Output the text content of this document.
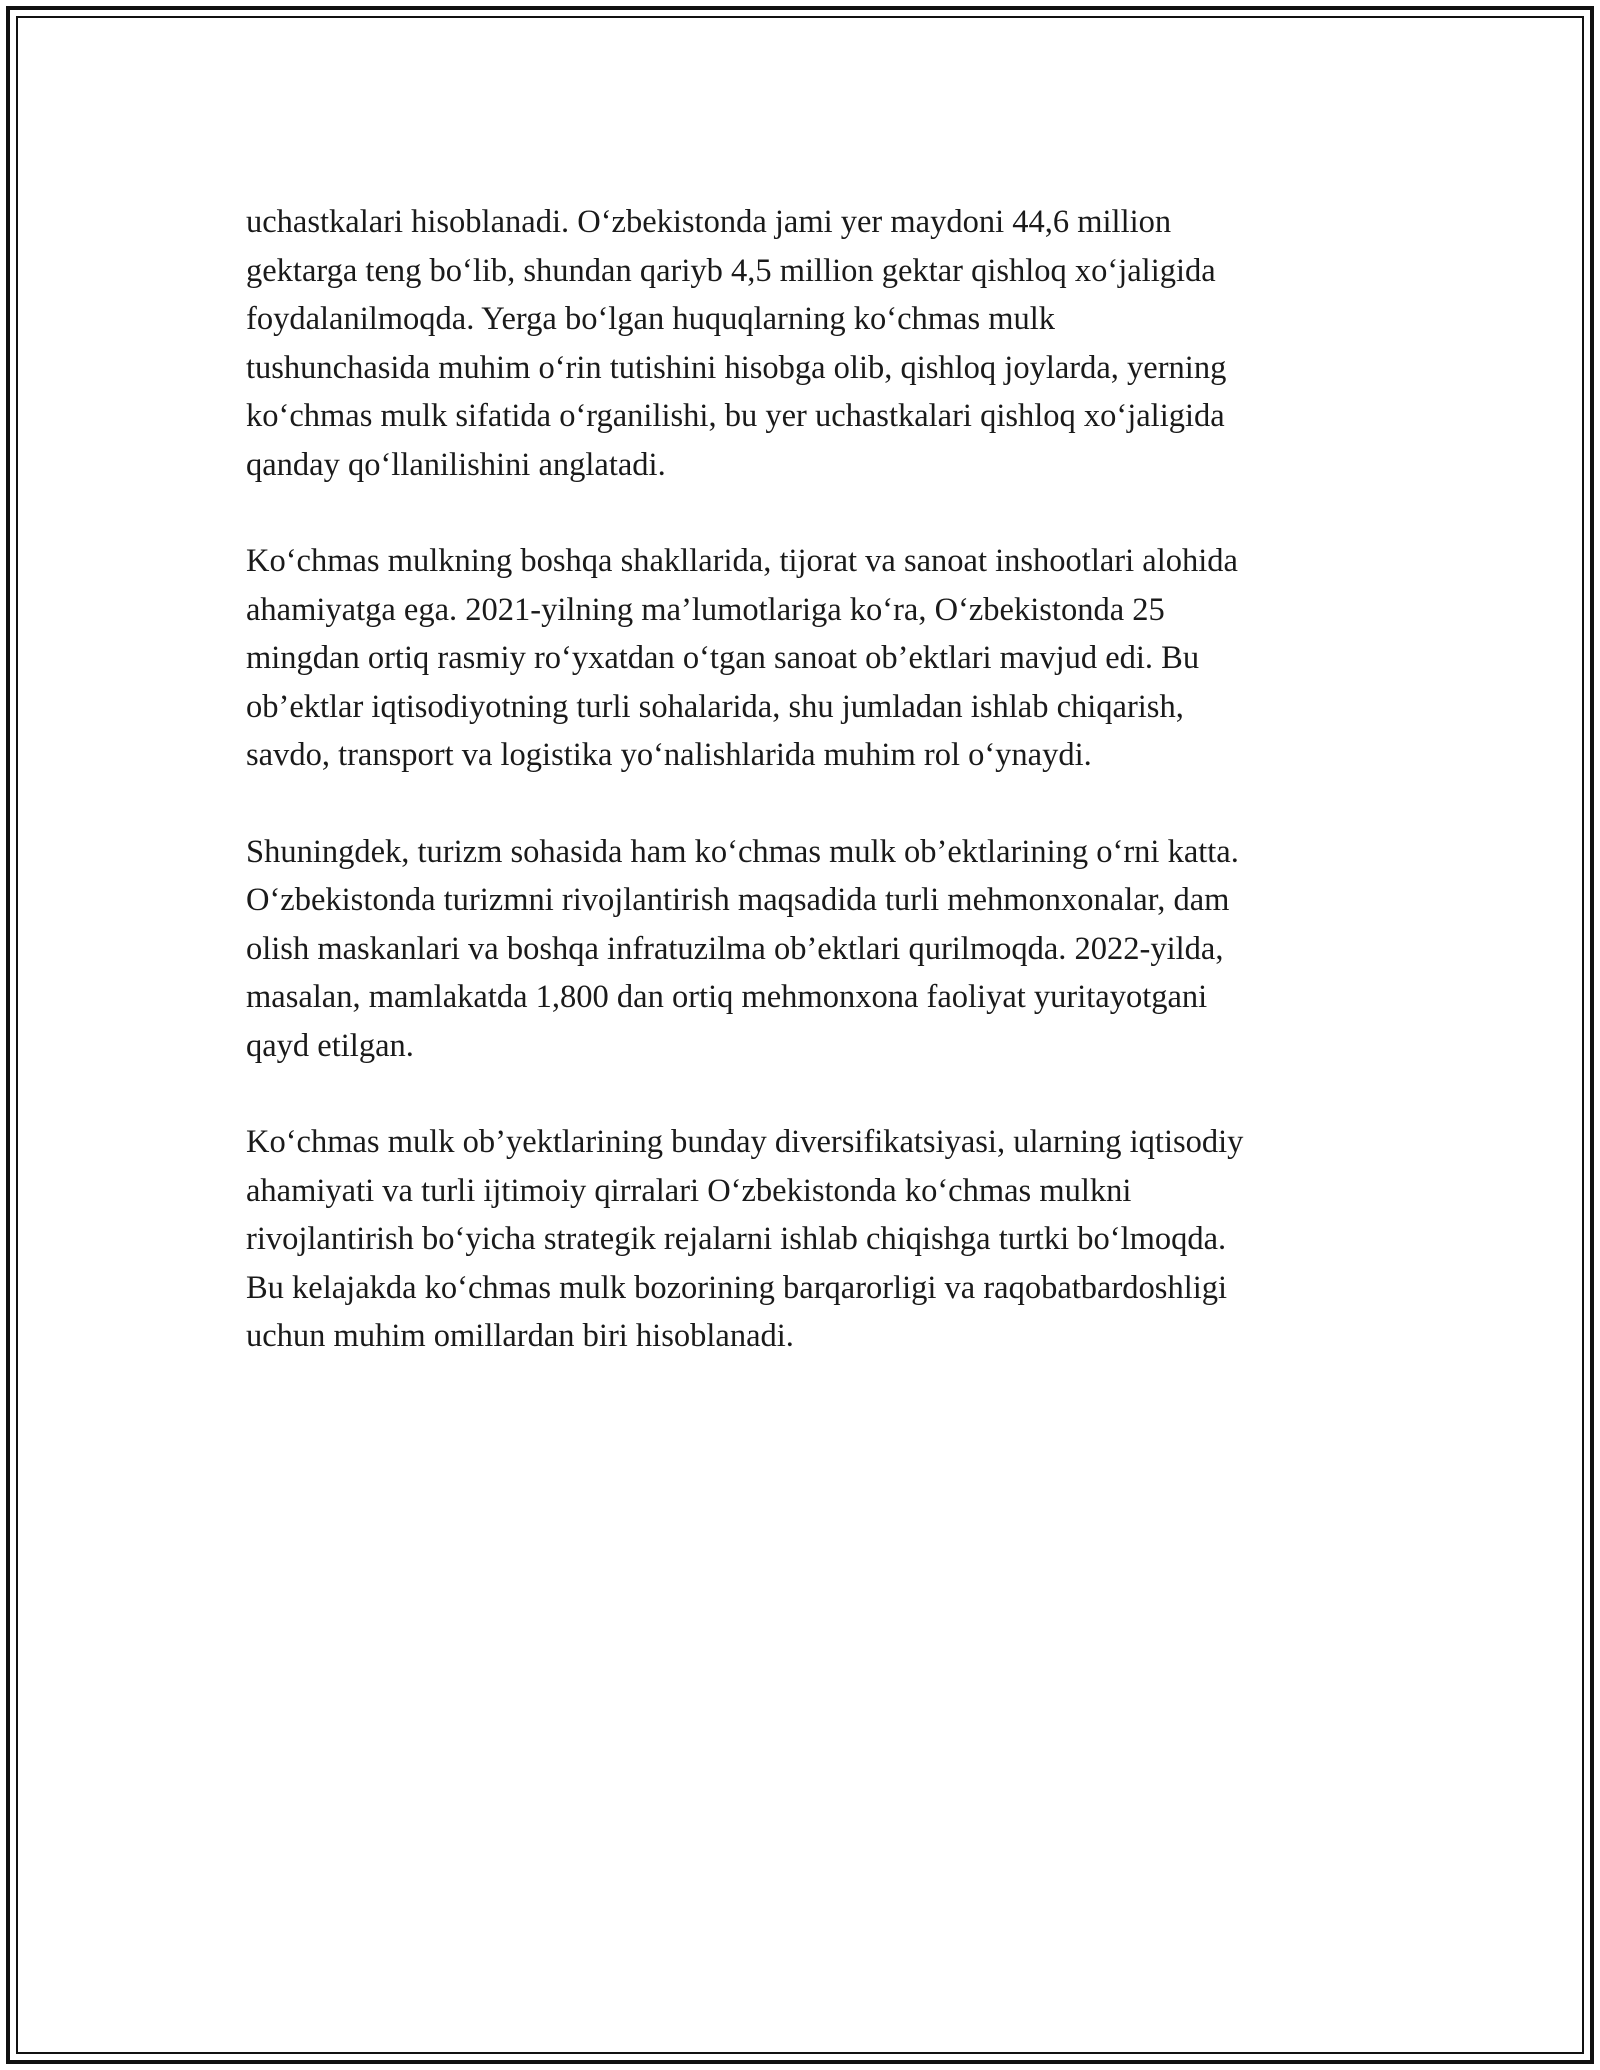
uchastkalari hisoblanadi. O‘zbekistonda jami yer maydoni 44,6 million
gektarga teng bo‘lib, shundan qariyb 4,5 million gektar qishloq xo‘jaligida
foydalanilmoqda. Yerga bo‘lgan huquqlarning ko‘chmas mulk
tushunchasida muhim o‘rin tutishini hisobga olib, qishloq joylarda, yerning
ko‘chmas mulk sifatida o‘rganilishi, bu yer uchastkalari qishloq xo‘jaligida
qanday qo‘llanilishini anglatadi.

Ko‘chmas mulkning boshqa shakllarida, tijorat va sanoat inshootlari alohida
ahamiyatga ega. 2021-yilning ma’lumotlariga ko‘ra, O‘zbekistonda 25
mingdan ortiq rasmiy ro‘yxatdan o‘tgan sanoat ob’ektlari mavjud edi. Bu
ob’ektlar iqtisodiyotning turli sohalarida, shu jumladan ishlab chiqarish,
savdo, transport va logistika yo‘nalishlarida muhim rol o‘ynaydi.

Shuningdek, turizm sohasida ham ko‘chmas mulk ob’ektlarining o‘rni katta.
O‘zbekistonda turizmni rivojlantirish maqsadida turli mehmonxonalar, dam
olish maskanlari va boshqa infratuzilma ob’ektlari qurilmoqda. 2022-yilda,
masalan, mamlakatda 1,800 dan ortiq mehmonxona faoliyat yuritayotgani
qayd etilgan.

Ko‘chmas mulk ob’yektlarining bunday diversifikatsiyasi, ularning iqtisodiy
ahamiyati va turli ijtimoiy qirralari O‘zbekistonda ko‘chmas mulkni
rivojlantirish bo‘yicha strategik rejalarni ishlab chiqishga turtki bo‘lmoqda.
Bu kelajakda ko‘chmas mulk bozorining barqarorligi va raqobatbardoshligi
uchun muhim omillardan biri hisoblanadi.
